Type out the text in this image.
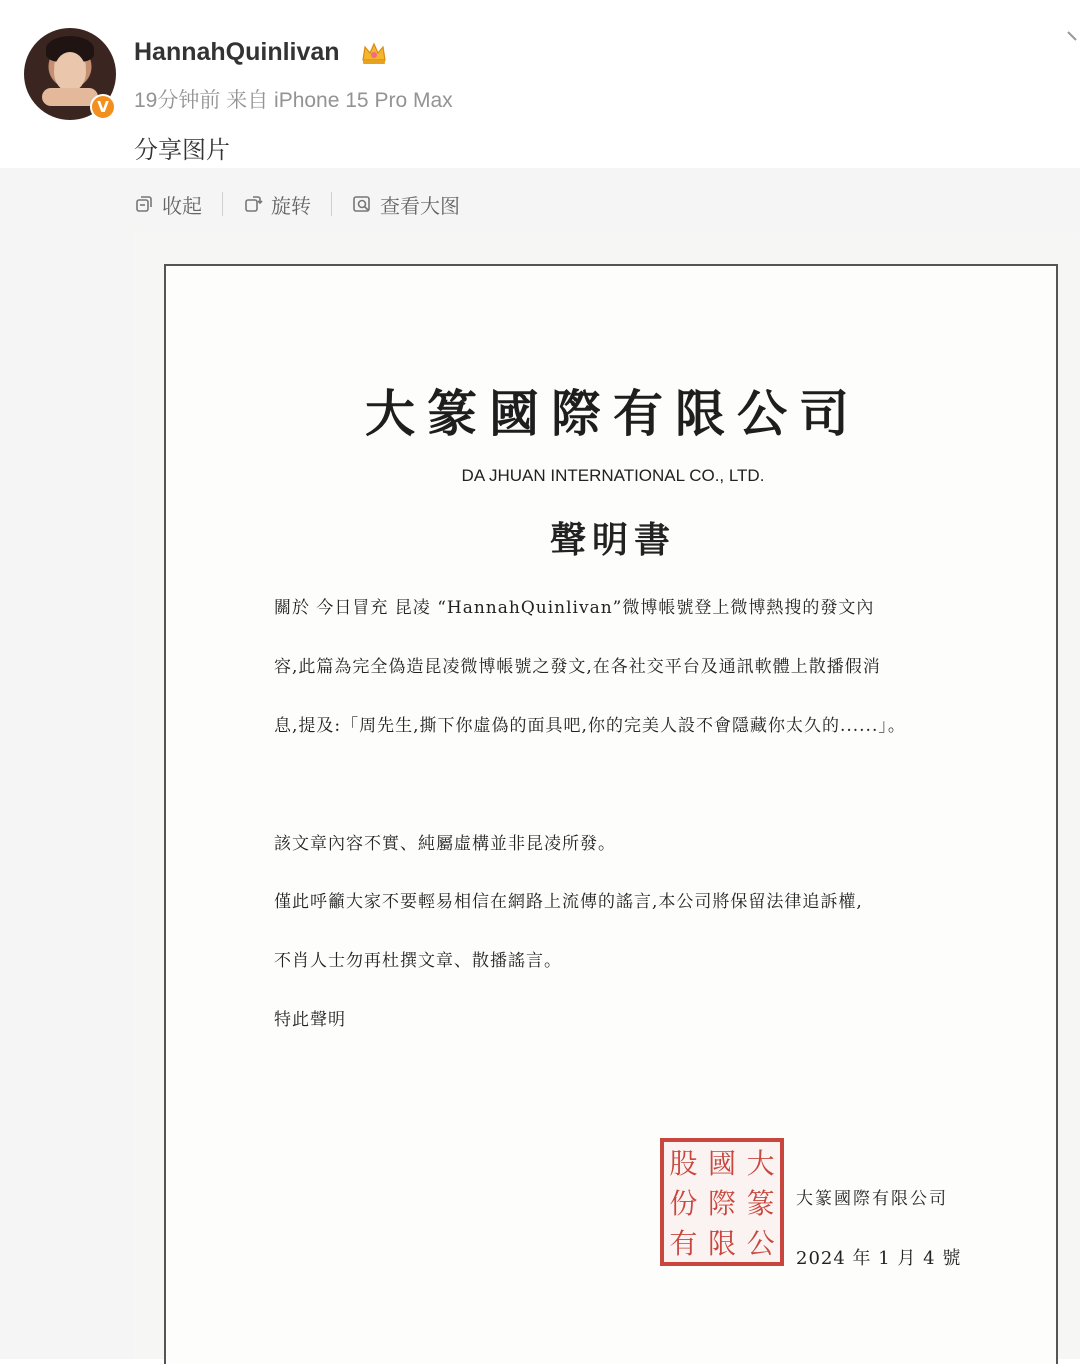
V
HannahQuinlivan
19分钟前 来自 iPhone 15 Pro Max
分享图片
收起	旋转	查看大图
大篆國際有限公司
DA JHUAN INTERNATIONAL CO., LTD.
聲明書
關於 今日冒充 昆凌 “HannahQuinlivan”微博帳號登上微博熱搜的發文內
容,此篇為完全偽造昆凌微博帳號之發文,在各社交平台及通訊軟體上散播假消
息,提及:「周先生,撕下你虛偽的面具吧,你的完美人設不會隱藏你太久的......」。
該文章內容不實、純屬虛構並非昆凌所發。
僅此呼籲大家不要輕易相信在網路上流傳的謠言,本公司將保留法律追訴權,
不肖人士勿再杜撰文章、散播謠言。
特此聲明
股 國 大
份 際 篆
有 限 公
大篆國際有限公司
2024 年 1 月 4 號
